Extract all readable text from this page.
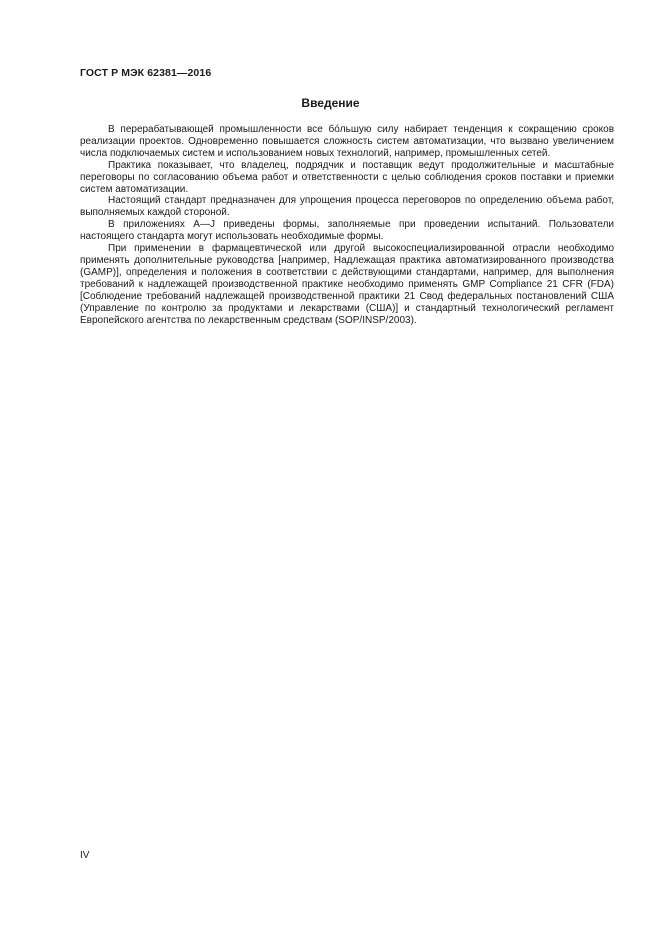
ГОСТ Р МЭК 62381—2016
Введение

В перерабатывающей промышленности все бóльшую силу набирает тенденция к сокращению сроков реализации проектов. Одновременно повышается сложность систем автоматизации, что вызвано увеличением числа подключаемых систем и использованием новых технологий, например, промышленных сетей.

Практика показывает, что владелец, подрядчик и поставщик ведут продолжительные и масштабные переговоры по согласованию объема работ и ответственности с целью соблюдения сроков поставки и приемки систем автоматизации.

Настоящий стандарт предназначен для упрощения процесса переговоров по определению объема работ, выполняемых каждой стороной.

В приложениях А—J приведены формы, заполняемые при проведении испытаний. Пользователи настоящего стандарта могут использовать необходимые формы.

При применении в фармацевтической или другой высокоспециализированной отрасли необходимо применять дополнительные руководства [например, Надлежащая практика автоматизированного производства (GAMP)], определения и положения в соответствии с действующими стандартами, например, для выполнения требований к надлежащей производственной практике необходимо применять GMP Compliance 21 CFR (FDA) [Соблюдение требований надлежащей производственной практики 21 Свод федеральных постановлений США (Управление по контролю за продуктами и лекарствами (США)] и стандартный технологический регламент Европейского агентства по лекарственным средствам (SOP/INSP/2003).

IV
